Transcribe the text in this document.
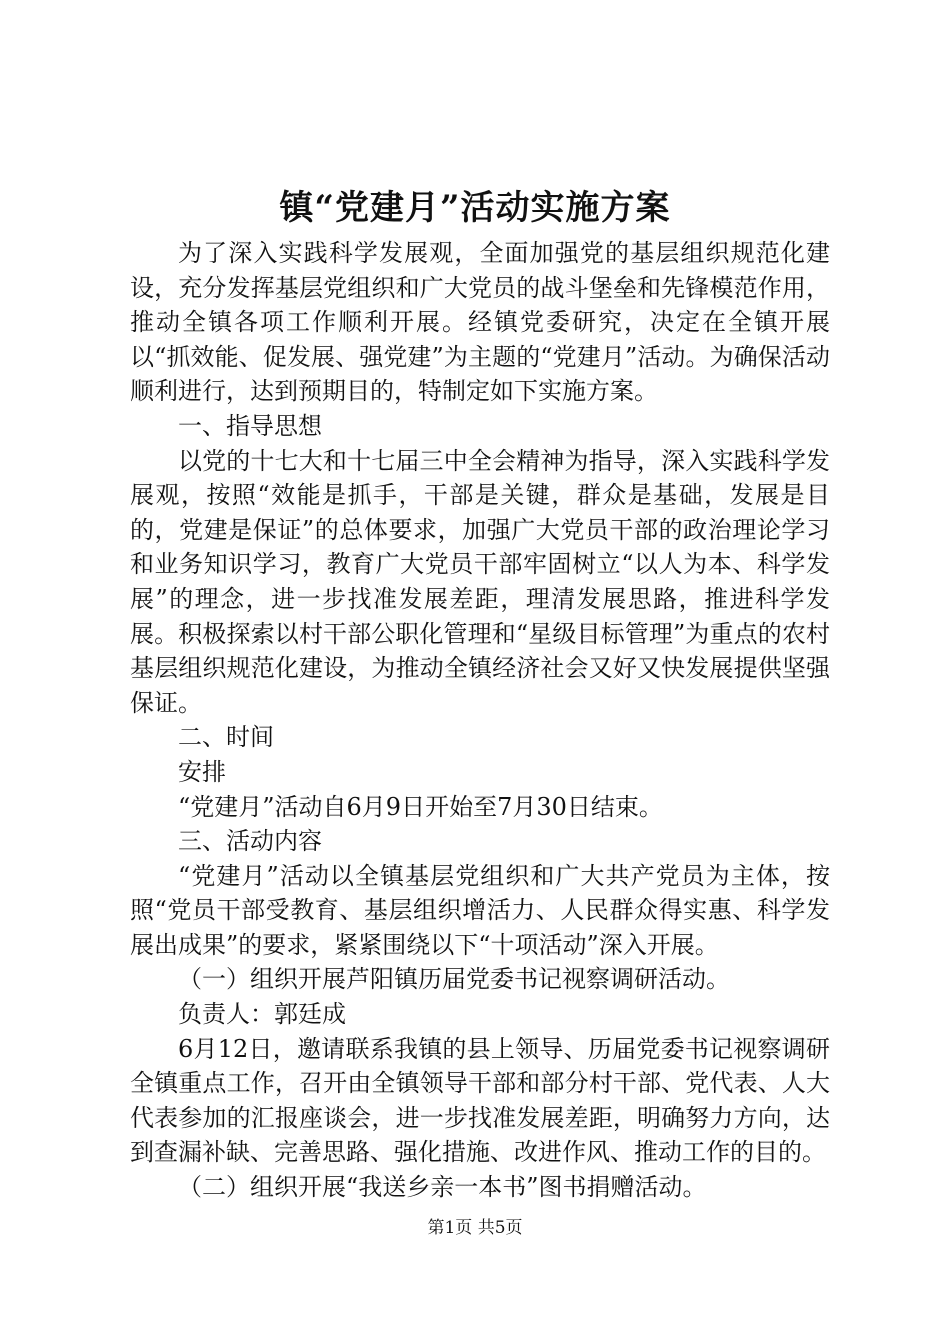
镇“党建月”活动实施方案

为了深入实践科学发展观，全面加强党的基层组织规范化建设，充分发挥基层党组织和广大党员的战斗堡垒和先锋模范作用，推动全镇各项工作顺利开展。经镇党委研究，决定在全镇开展以“抓效能、促发展、强党建”为主题的“党建月”活动。为确保活动顺利进行，达到预期目的，特制定如下实施方案。

一、指导思想

以党的十七大和十七届三中全会精神为指导，深入实践科学发展观，按照“效能是抓手，干部是关键，群众是基础，发展是目的，党建是保证”的总体要求，加强广大党员干部的政治理论学习和业务知识学习，教育广大党员干部牢固树立“以人为本、科学发展”的理念，进一步找准发展差距，理清发展思路，推进科学发展。积极探索以村干部公职化管理和“星级目标管理”为重点的农村基层组织规范化建设，为推动全镇经济社会又好又快发展提供坚强保证。

二、时间

安排

“党建月”活动自6月9日开始至7月30日结束。

三、活动内容

“党建月”活动以全镇基层党组织和广大共产党员为主体，按照“党员干部受教育、基层组织增活力、人民群众得实惠、科学发展出成果”的要求，紧紧围绕以下“十项活动”深入开展。

（一）组织开展芦阳镇历届党委书记视察调研活动。

负责人：郭廷成

6月12日，邀请联系我镇的县上领导、历届党委书记视察调研全镇重点工作，召开由全镇领导干部和部分村干部、党代表、人大代表参加的汇报座谈会，进一步找准发展差距，明确努力方向，达到查漏补缺、完善思路、强化措施、改进作风、推动工作的目的。

（二）组织开展“我送乡亲一本书”图书捐赠活动。

第1页 共5页
